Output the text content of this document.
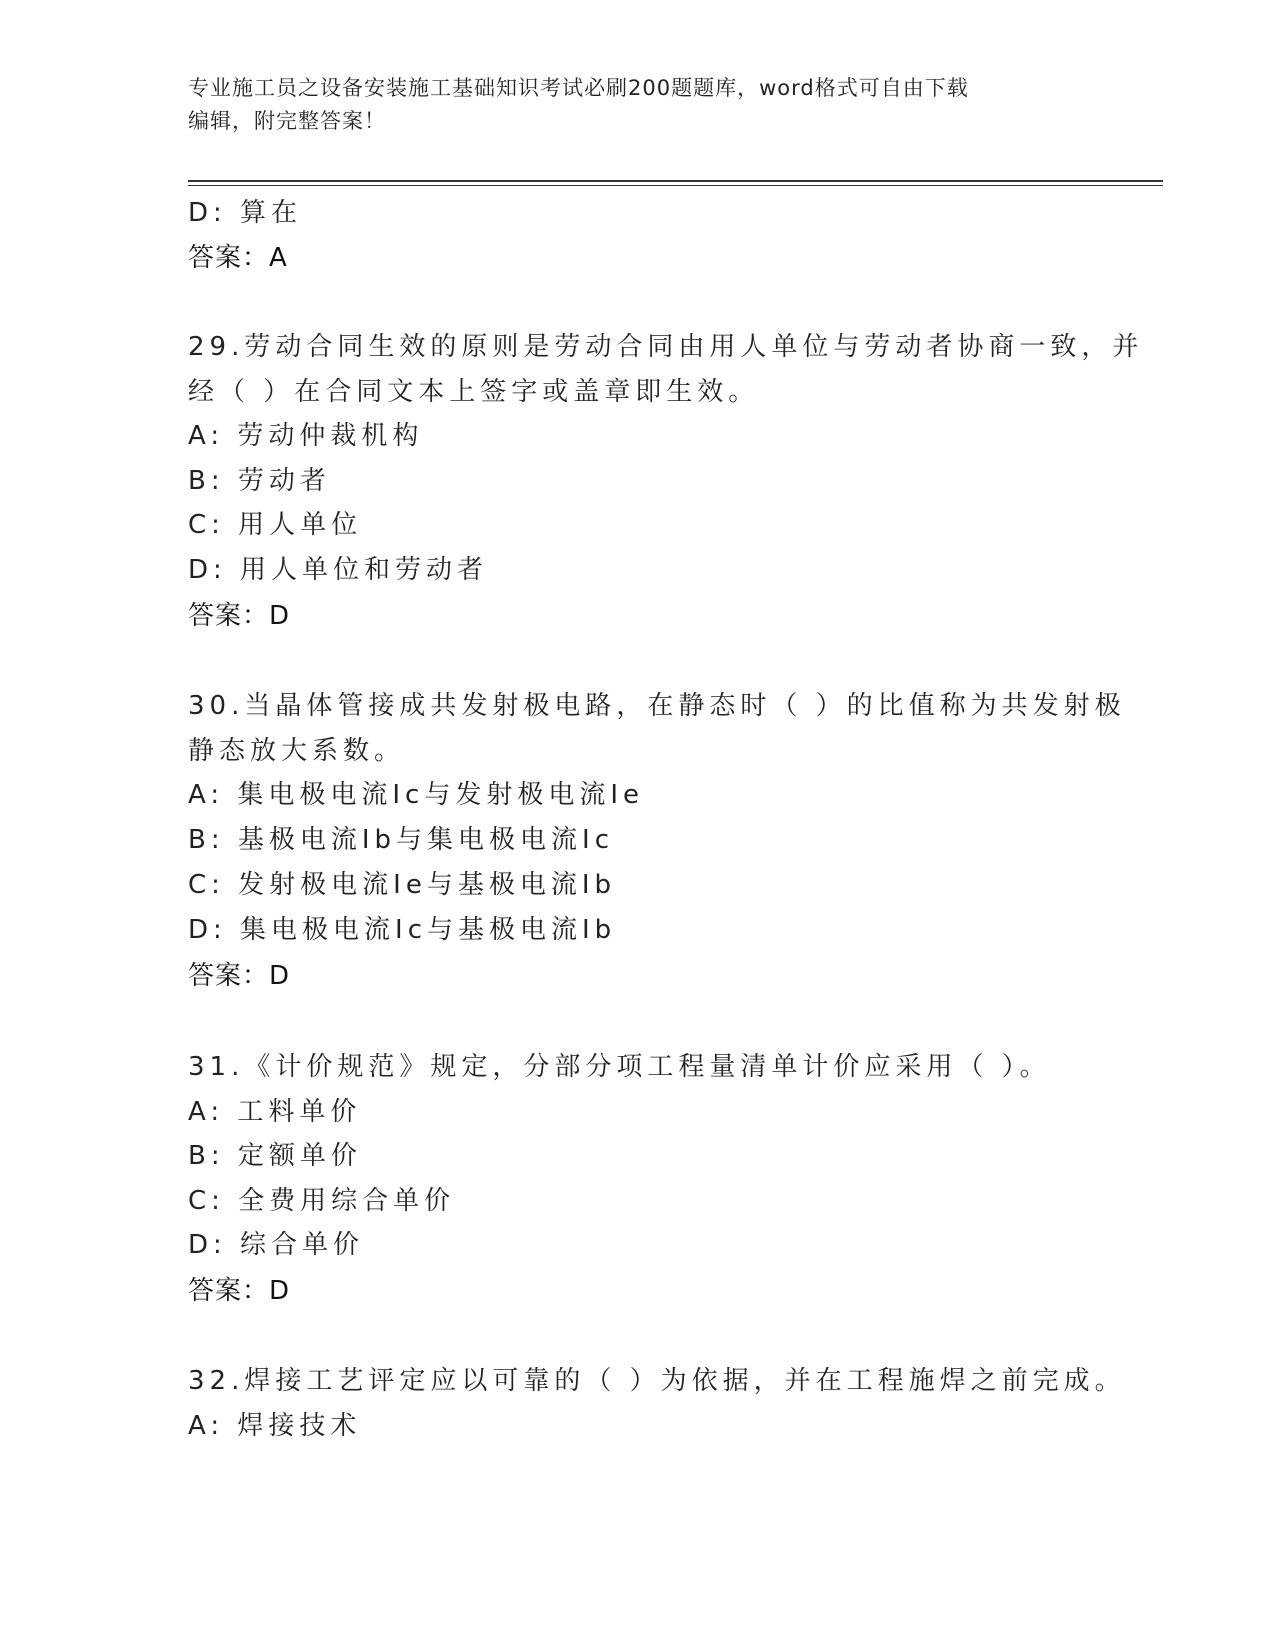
专业施工员之设备安装施工基础知识考试必刷200题题库，word格式可自由下载
编辑，附完整答案！
D: 算在
答案：A
29.劳动合同生效的原则是劳动合同由用人单位与劳动者协商一致，并
经（ ）在合同文本上签字或盖章即生效。
A: 劳动仲裁机构
B: 劳动者
C: 用人单位
D: 用人单位和劳动者
答案：D
30.当晶体管接成共发射极电路，在静态时（ ）的比值称为共发射极
静态放大系数。
A: 集电极电流Ic与发射极电流Ie
B: 基极电流Ib与集电极电流Ic
C: 发射极电流Ie与基极电流Ib
D: 集电极电流Ic与基极电流Ib
答案：D
31.《计价规范》规定，分部分项工程量清单计价应采用（ ）。
A: 工料单价
B: 定额单价
C: 全费用综合单价
D: 综合单价
答案：D
32.焊接工艺评定应以可靠的（ ）为依据，并在工程施焊之前完成。
A: 焊接技术
